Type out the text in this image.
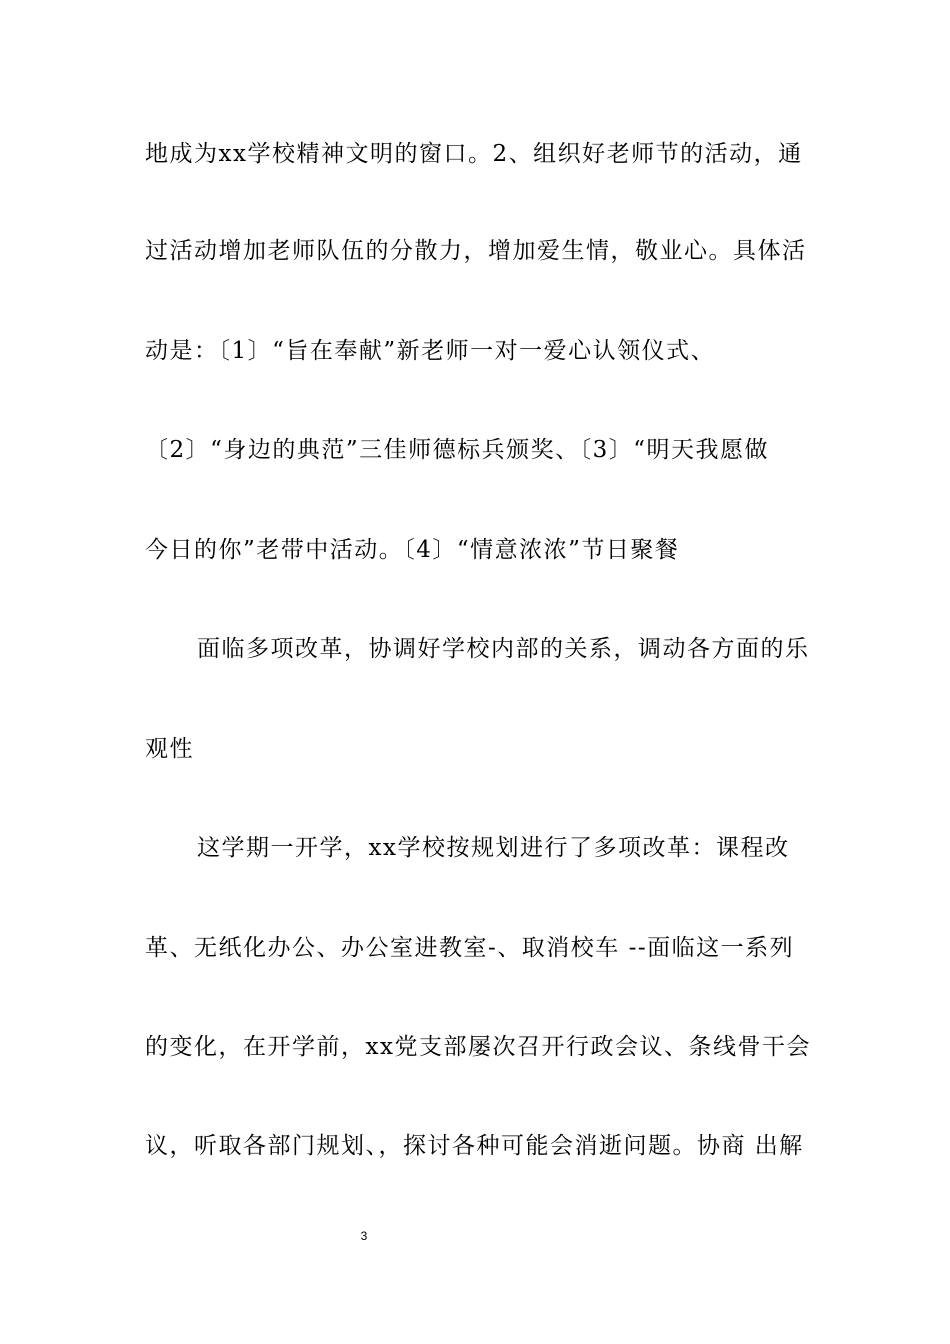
地成为xx学校精神文明的窗口。2、组织好老师节的活动，通
过活动增加老师队伍的分散力，增加爱生情，敬业心。具体活
动是：〔1〕“旨在奉献”新老师一对一爱心认领仪式、
〔2〕“身边的典范”三佳师德标兵颁奖、〔3〕“明天我愿做
今日的你”老带中活动。〔4〕“情意浓浓”节日聚餐
面临多项改革，协调好学校内部的关系，调动各方面的乐
观性
这学期一开学，xx学校按规划进行了多项改革：课程改
革、无纸化办公、办公室进教室-、取消校车 --面临这一系列
的变化，在开学前，xx党支部屡次召开行政会议、条线骨干会
议，听取各部门规划、，探讨各种可能会消逝问题。协商 出解
3
